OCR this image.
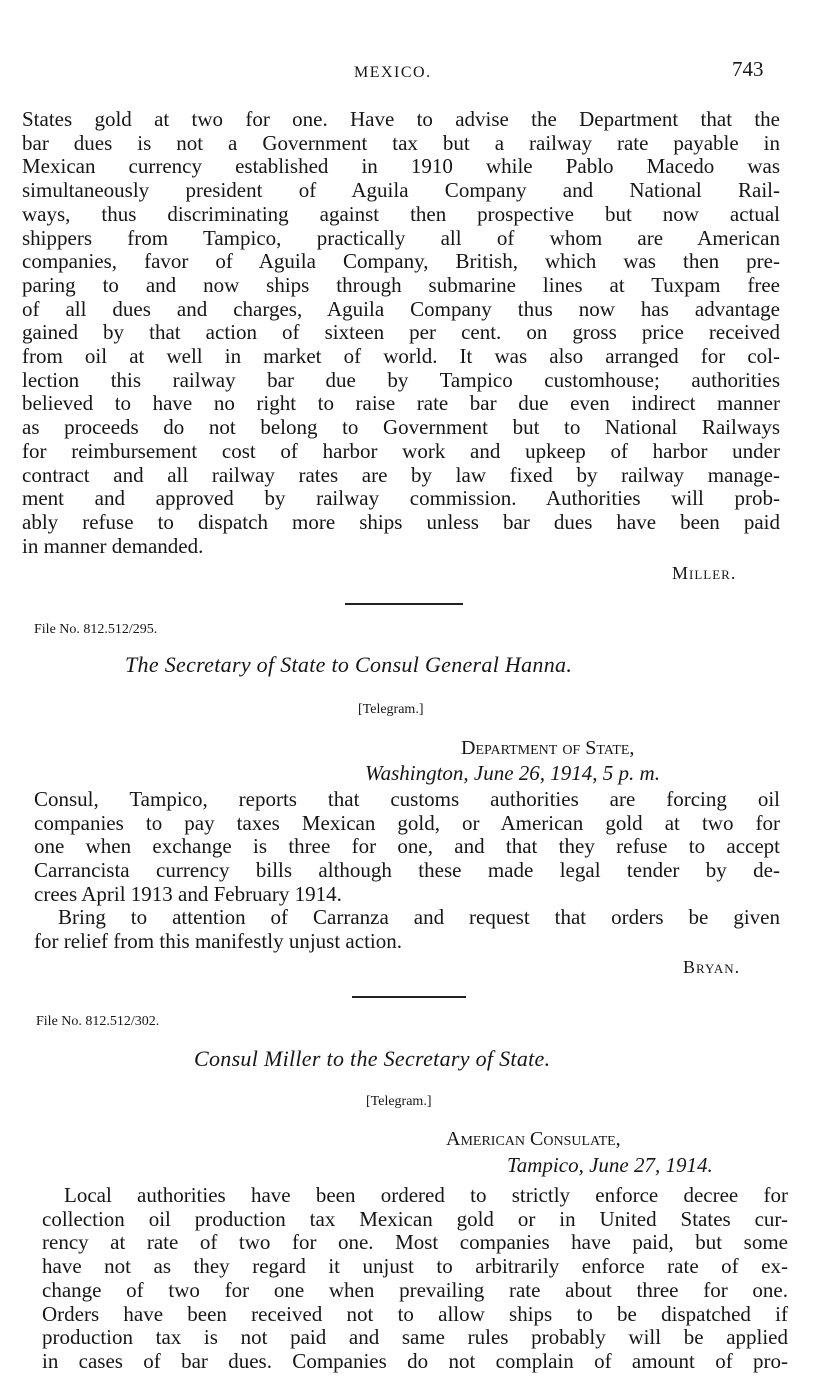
MEXICO.	743
States gold at two for one. Have to advise the Department that the
bar dues is not a Government tax but a railway rate payable in
Mexican currency established in 1910 while Pablo Macedo was
simultaneously president of Aguila Company and National Rail-
ways, thus discriminating against then prospective but now actual
shippers from Tampico, practically all of whom are American
companies, favor of Aguila Company, British, which was then pre-
paring to and now ships through submarine lines at Tuxpam free
of all dues and charges, Aguila Company thus now has advantage
gained by that action of sixteen per cent. on gross price received
from oil at well in market of world. It was also arranged for col-
lection this railway bar due by Tampico customhouse; authorities
believed to have no right to raise rate bar due even indirect manner
as proceeds do not belong to Government but to National Railways
for reimbursement cost of harbor work and upkeep of harbor under
contract and all railway rates are by law fixed by railway manage-
ment and approved by railway commission. Authorities will prob-
ably refuse to dispatch more ships unless bar dues have been paid
in manner demanded.
Miller.
File No. 812.512/295.
The Secretary of State to Consul General Hanna.
[Telegram.]
Department of State,
Washington, June 26, 1914, 5 p. m.
Consul, Tampico, reports that customs authorities are forcing oil
companies to pay taxes Mexican gold, or American gold at two for
one when exchange is three for one, and that they refuse to accept
Carrancista currency bills although these made legal tender by de-
crees April 1913 and February 1914.
Bring to attention of Carranza and request that orders be given
for relief from this manifestly unjust action.
Bryan.
File No. 812.512/302.
Consul Miller to the Secretary of State.
[Telegram.]
American Consulate,
Tampico, June 27, 1914.
Local authorities have been ordered to strictly enforce decree for
collection oil production tax Mexican gold or in United States cur-
rency at rate of two for one. Most companies have paid, but some
have not as they regard it unjust to arbitrarily enforce rate of ex-
change of two for one when prevailing rate about three for one.
Orders have been received not to allow ships to be dispatched if
production tax is not paid and same rules probably will be applied
in cases of bar dues. Companies do not complain of amount of pro-
